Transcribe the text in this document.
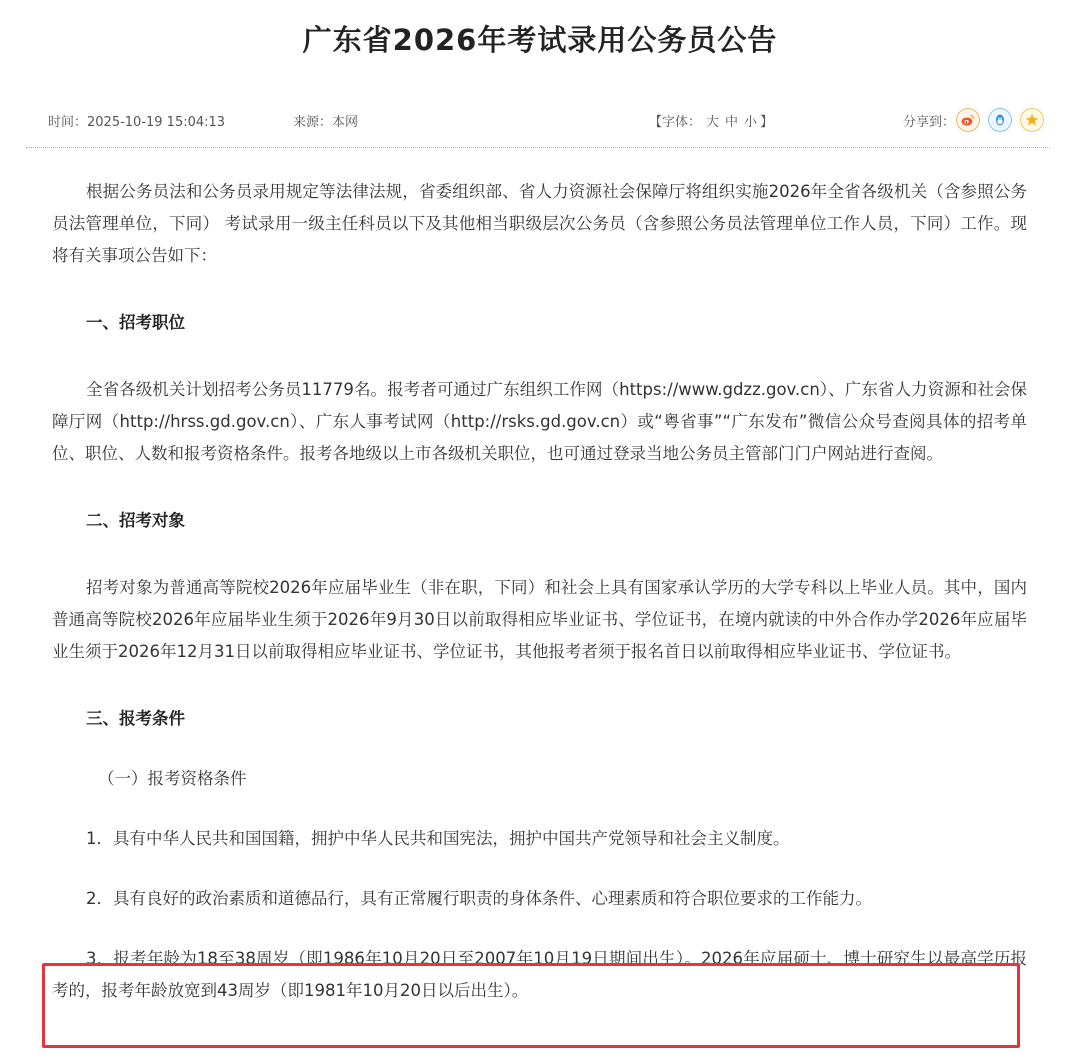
广东省2026年考试录用公务员公告
时间：2025-10-19 15:04:13	来源：本网	【字体： 大 中 小 】	分享到：

根据公务员法和公务员录用规定等法律法规，省委组织部、省人力资源社会保障厅将组织实施2026年全省各级机关（含参照公务员法管理单位，下同） 考试录用一级主任科员以下及其他相当职级层次公务员（含参照公务员法管理单位工作人员，下同）工作。现将有关事项公告如下：

一、招考职位

全省各级机关计划招考公务员11779名。报考者可通过广东组织工作网（https://www.gdzz.gov.cn）、广东省人力资源和社会保障厅网（http://hrss.gd.gov.cn）、广东人事考试网（http://rsks.gd.gov.cn）或“粤省事”“广东发布”微信公众号查阅具体的招考单位、职位、人数和报考资格条件。报考各地级以上市各级机关职位，也可通过登录当地公务员主管部门门户网站进行查阅。

二、招考对象

招考对象为普通高等院校2026年应届毕业生（非在职，下同）和社会上具有国家承认学历的大学专科以上毕业人员。其中，国内普通高等院校2026年应届毕业生须于2026年9月30日以前取得相应毕业证书、学位证书，在境内就读的中外合作办学2026年应届毕业生须于2026年12月31日以前取得相应毕业证书、学位证书，其他报考者须于报名首日以前取得相应毕业证书、学位证书。

三、报考条件

（一）报考资格条件

1．具有中华人民共和国国籍，拥护中华人民共和国宪法，拥护中国共产党领导和社会主义制度。

2．具有良好的政治素质和道德品行，具有正常履行职责的身体条件、心理素质和符合职位要求的工作能力。

3．报考年龄为18至38周岁（即1986年10月20日至2007年10月19日期间出生）。2026年应届硕士、博士研究生以最高学历报考的，报考年龄放宽到43周岁（即1981年10月20日以后出生）。
